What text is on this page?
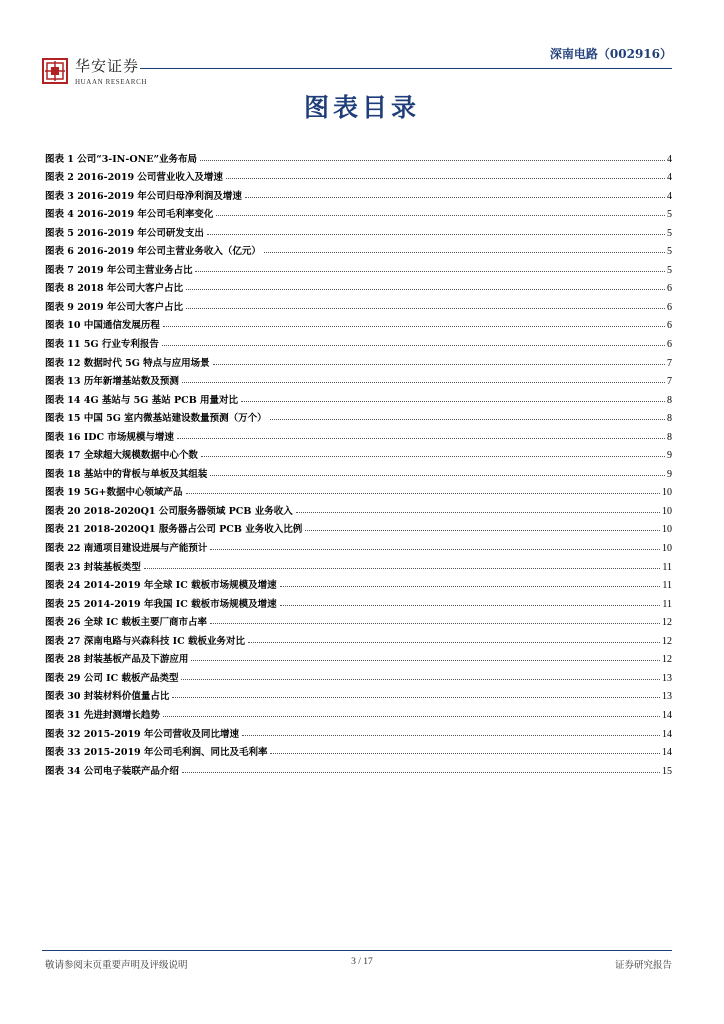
华安证券
HUAAN RESEARCH
深南电路（002916）
图表目录
图表 1 公司“3-IN-ONE”业务布局	4
图表 2 2016-2019 公司营业收入及增速	4
图表 3 2016-2019 年公司归母净利润及增速	4
图表 4 2016-2019 年公司毛利率变化	5
图表 5 2016-2019 年公司研发支出	5
图表 6 2016-2019 年公司主营业务收入（亿元）	5
图表 7 2019 年公司主营业务占比	5
图表 8 2018 年公司大客户占比	6
图表 9 2019 年公司大客户占比	6
图表 10 中国通信发展历程	6
图表 11 5G 行业专利报告	6
图表 12 数据时代 5G 特点与应用场景	7
图表 13 历年新增基站数及预测	7
图表 14 4G 基站与 5G 基站 PCB 用量对比	8
图表 15 中国 5G 室内微基站建设数量预测（万个）	8
图表 16 IDC 市场规模与增速	8
图表 17 全球超大规模数据中心个数	9
图表 18 基站中的背板与单板及其组装	9
图表 19 5G+数据中心领域产品	10
图表 20 2018-2020Q1 公司服务器领域 PCB 业务收入	10
图表 21 2018-2020Q1 服务器占公司 PCB 业务收入比例	10
图表 22 南通项目建设进展与产能预计	10
图表 23 封装基板类型	11
图表 24 2014-2019 年全球 IC 载板市场规模及增速	11
图表 25 2014-2019 年我国 IC 载板市场规模及增速	11
图表 26 全球 IC 载板主要厂商市占率	12
图表 27 深南电路与兴森科技 IC 载板业务对比	12
图表 28 封装基板产品及下游应用	12
图表 29 公司 IC 载板产品类型	13
图表 30 封装材料价值量占比	13
图表 31 先进封测增长趋势	14
图表 32 2015-2019 年公司营收及同比增速	14
图表 33 2015-2019 年公司毛利润、同比及毛利率	14
图表 34 公司电子装联产品介绍	15
敬请参阅末页重要声明及评级说明	3 / 17	证券研究报告
